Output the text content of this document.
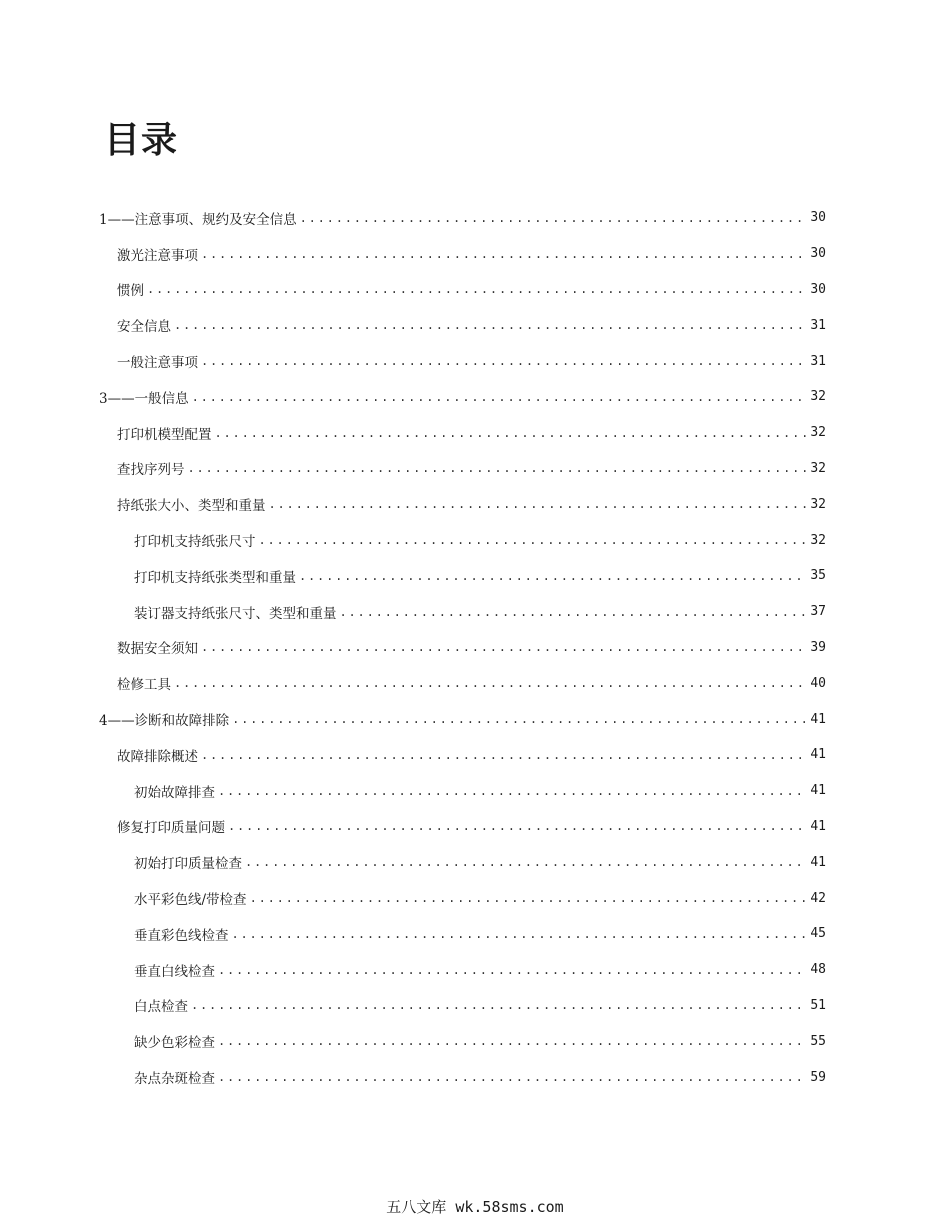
目录
1——注意事项、规约及安全信息 .....	30
激光注意事项 .....	30
惯例 .....	30
安全信息 .....	31
一般注意事项 .....	31
3——一般信息 .....	32
打印机模型配置 .....	32
查找序列号 .....	32
持纸张大小、类型和重量 .....	32
打印机支持纸张尺寸 .....	32
打印机支持纸张类型和重量 .....	35
装订器支持纸张尺寸、类型和重量 .....	37
数据安全须知 .....	39
检修工具 .....	40
4——诊断和故障排除 .....	41
故障排除概述 .....	41
初始故障排查 .....	41
修复打印质量问题 .....	41
初始打印质量检查 .....	41
水平彩色线/带检查 .....	42
垂直彩色线检查 .....	45
垂直白线检查 .....	48
白点检查 .....	51
缺少色彩检查 .....	55
杂点杂斑检查 .....	59
五八文库 wk.58sms.com
